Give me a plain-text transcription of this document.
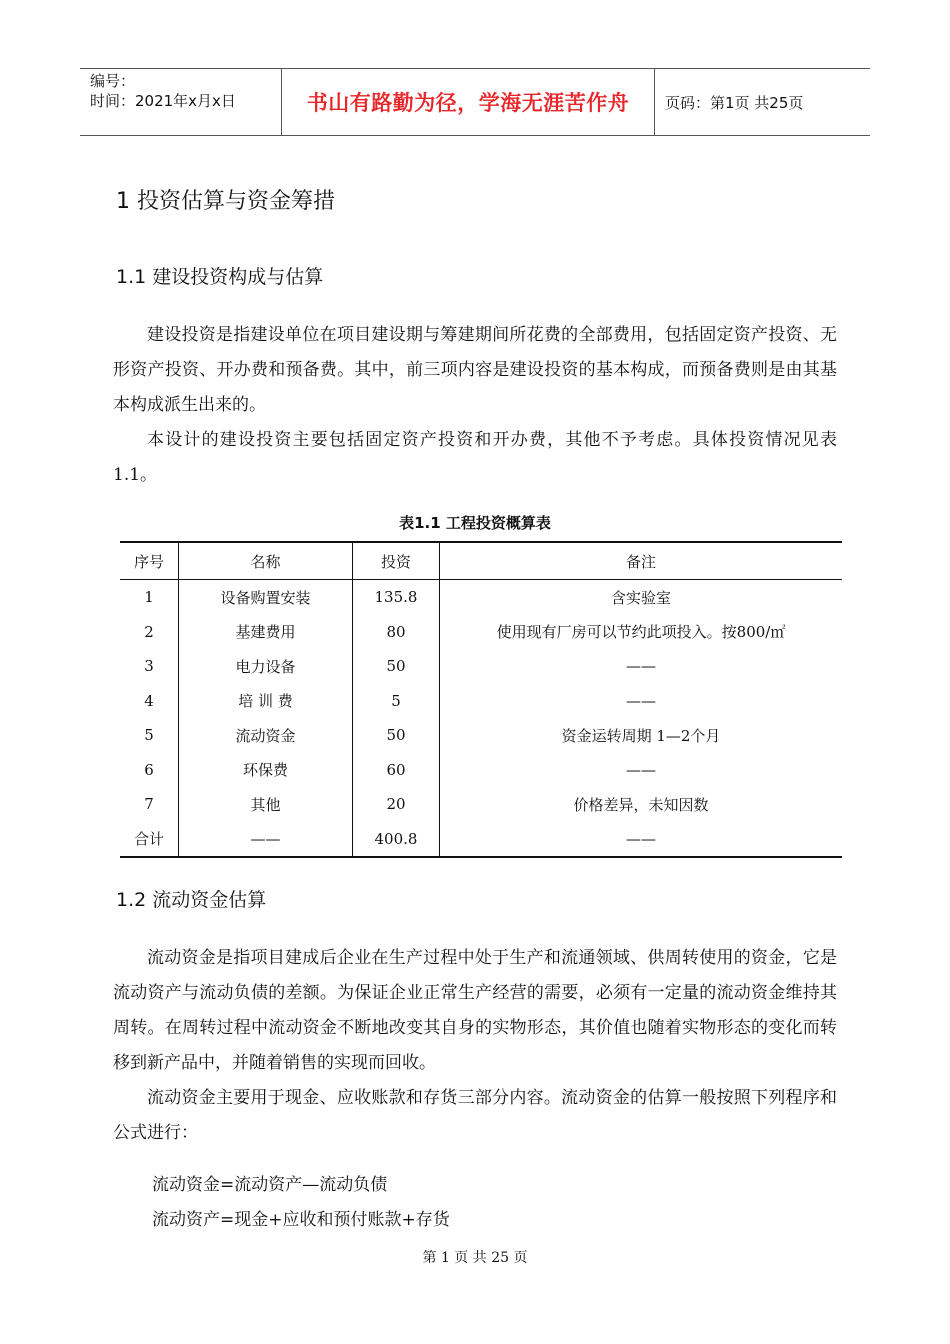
编号：
时间：2021年x月x日	书山有路勤为径，学海无涯苦作舟	页码：第1页 共25页
1 投资估算与资金筹措
1.1 建设投资构成与估算

建设投资是指建设单位在项目建设期与筹建期间所花费的全部费用，包括固定资产投资、无形资产投资、开办费和预备费。其中，前三项内容是建设投资的基本构成，而预备费则是由其基本构成派生出来的。

本设计的建设投资主要包括固定资产投资和开办费，其他不予考虑。具体投资情况见表1.1。

表1.1 工程投资概算表
序号	名称	投资	备注
1	设备购置安装	135.8	含实验室
2	基建费用	80	使用现有厂房可以节约此项投入。按800/㎡
3	电力设备	50	——
4	培 训 费	5	——
5	流动资金	50	资金运转周期 1—2个月
6	环保费	60	——
7	其他	20	价格差异，未知因数
合计	——	400.8	——
1.2 流动资金估算

流动资金是指项目建成后企业在生产过程中处于生产和流通领域、供周转使用的资金，它是流动资产与流动负债的差额。为保证企业正常生产经营的需要，必须有一定量的流动资金维持其周转。在周转过程中流动资金不断地改变其自身的实物形态，其价值也随着实物形态的变化而转移到新产品中，并随着销售的实现而回收。

流动资金主要用于现金、应收账款和存货三部分内容。流动资金的估算一般按照下列程序和公式进行：

流动资金=流动资产—流动负债
流动资产=现金+应收和预付账款+存货
第 1 页 共 25 页
